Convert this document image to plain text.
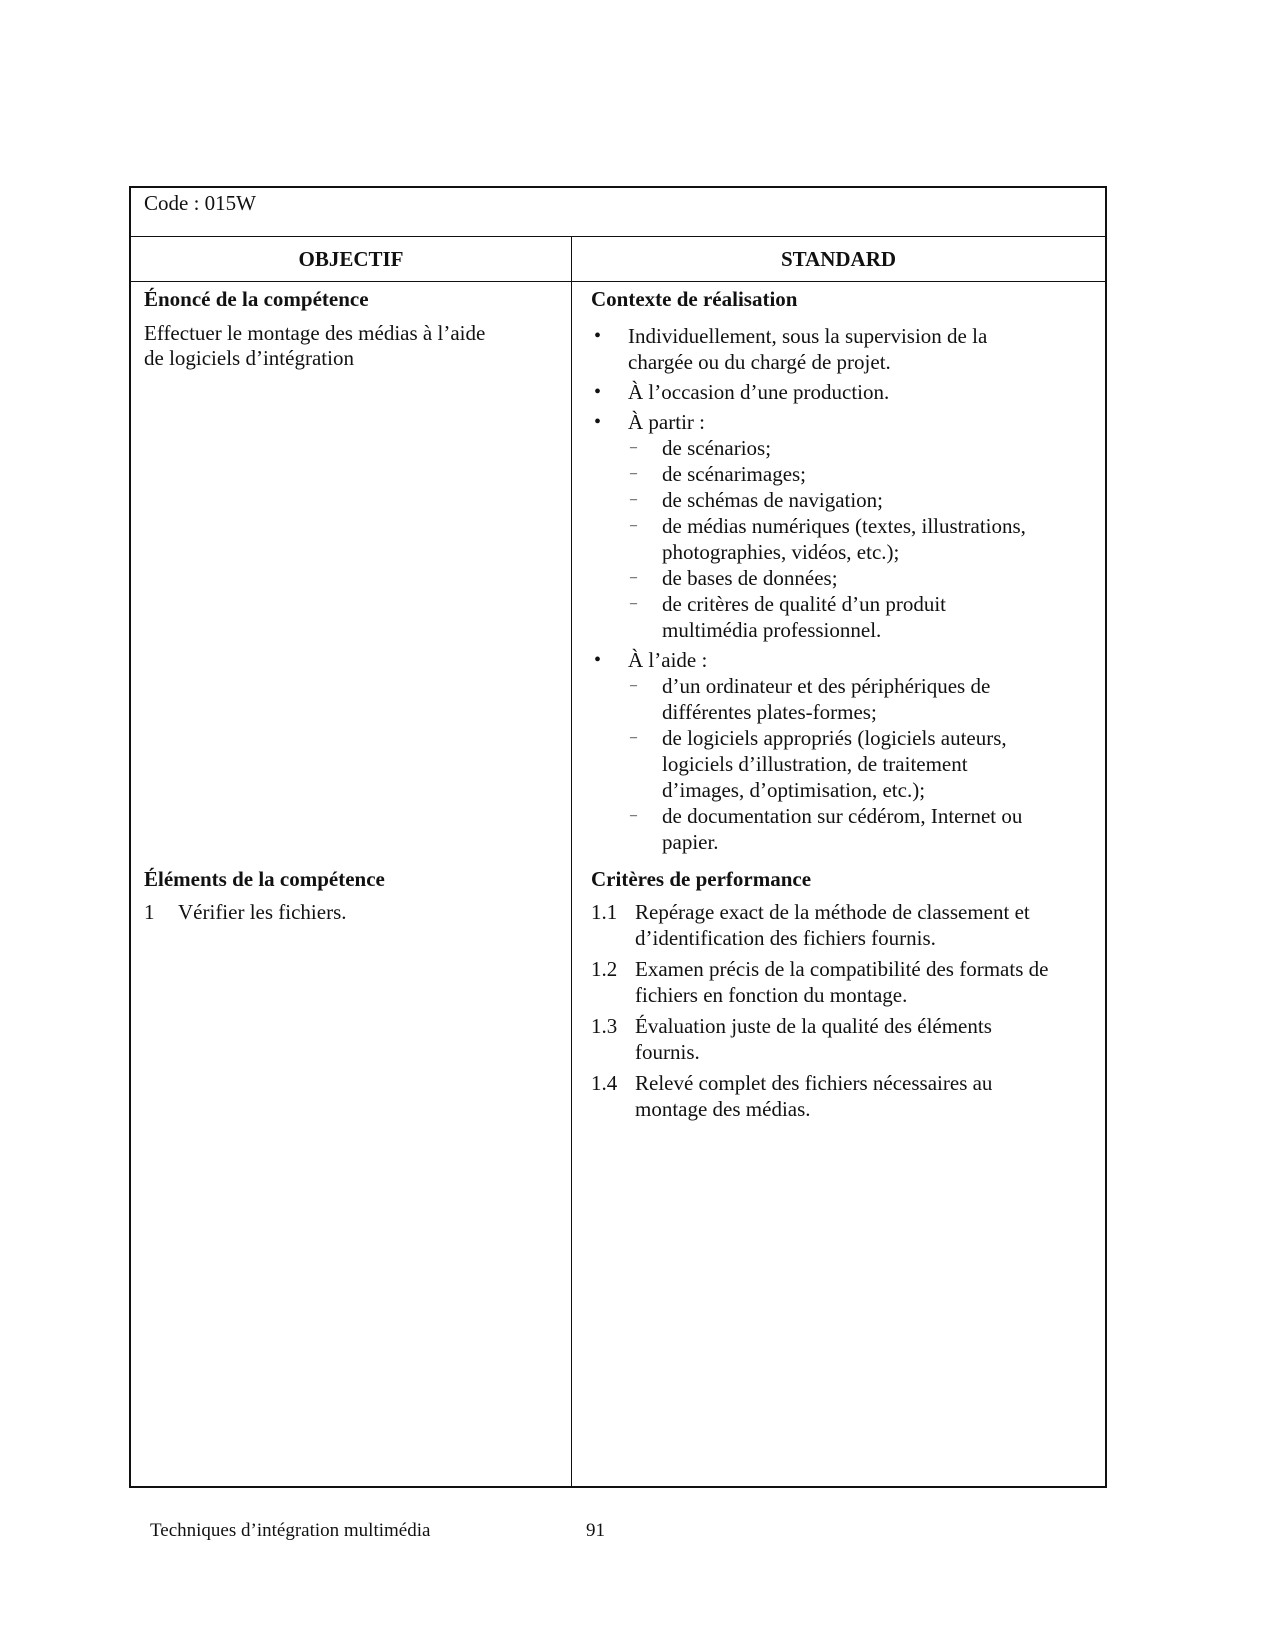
Code : 015W
OBJECTIF	STANDARD
Énoncé de la compétence
Effectuer le montage des médias à l’aide
de logiciels d’intégration
Éléments de la compétence
1 Vérifier les fichiers.
Contexte de réalisation
• Individuellement, sous la supervision de la
chargée ou du chargé de projet.
• À l’occasion d’une production.
• À partir :
– de scénarios;
– de scénarimages;
– de schémas de navigation;
– de médias numériques (textes, illustrations,
photographies, vidéos, etc.);
– de bases de données;
– de critères de qualité d’un produit
multimédia professionnel.
• À l’aide :
– d’un ordinateur et des périphériques de
différentes plates-formes;
– de logiciels appropriés (logiciels auteurs,
logiciels d’illustration, de traitement
d’images, d’optimisation, etc.);
– de documentation sur cédérom, Internet ou
papier.
Critères de performance
1.1 Repérage exact de la méthode de classement et
d’identification des fichiers fournis.
1.2 Examen précis de la compatibilité des formats de
fichiers en fonction du montage.
1.3 Évaluation juste de la qualité des éléments
fournis.
1.4 Relevé complet des fichiers nécessaires au
montage des médias.
Techniques d’intégration multimédia	91
